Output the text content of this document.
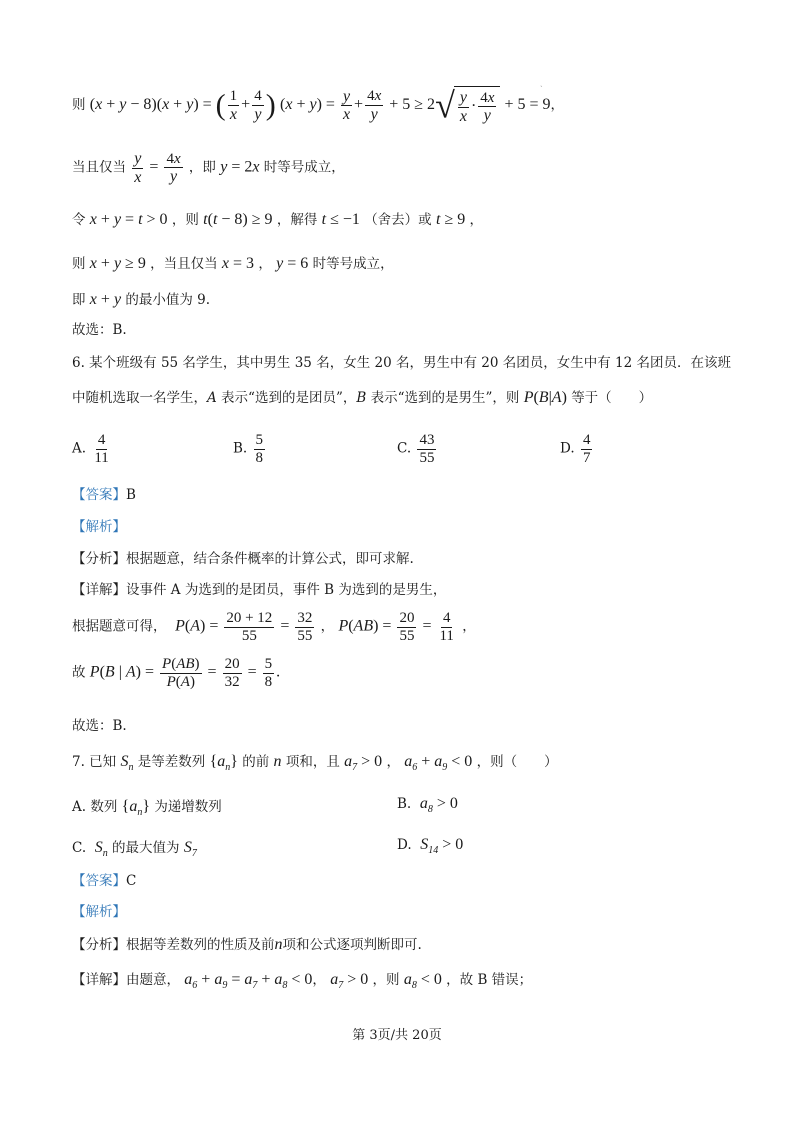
ˏ
则 (x + y − 8)(x + y) = ( $\frac{1}{x} + \frac{4}{y}$ ) $(x + y) = \frac{y}{x} + \frac{4x}{y} + 5 \ge 2√ \frac{y}{x} \cdot \frac{4x}{y} + 5 = 9$，
当且仅当 $\frac{y}{x} = \frac{4x}{y}$ ，即 y = 2x 时等号成立，
令 x + y = t > 0 ，则 t(t − 8) ≥ 9 ，解得 t ≤ −1 （舍去）或 t ≥ 9 ，
则 x + y ≥ 9 ，当且仅当 x = 3 ， y = 6 时等号成立，
即 x + y 的最小值为 9.
故选：B.
6. 某个班级有 55 名学生，其中男生 35 名，女生 20 名，男生中有 20 名团员，女生中有 12 名团员．在该班
中随机选取一名学生，A 表示“选到的是团员”，B 表示“选到的是男生”，则 P(B|A) 等于（　　）
A. $\frac{4}{11}$	B. $\frac{5}{8}$	C. $\frac{43}{55}$	D. $\frac{4}{7}$
【答案】B
【解析】
【分析】根据题意，结合条件概率的计算公式，即可求解.
【详解】设事件 A 为选到的是团员，事件 B 为选到的是男生，
根据题意可得， $P(A) = \frac{20 + 12}{55} = \frac{32}{55}$ ， $P(AB) = \frac{20}{55} = \frac{4}{11}$ ，
故 P(B | $A) = \frac{P(AB)}{P(A)} = \frac{20}{32} = \frac{5}{8}$ .
故选：B.
7. 已知 $S_n$ 是等差数列 $\{a_n\}$ 的前 n 项和，且 $a_7 > 0$ ， $a_6 + a_9 < 0$ ，则（　　）
A. 数列 $\{a_n\}$ 为递增数列	B. $a_8 > 0$
C. $S_n$ 的最大值为 $S_7$
D. $S_{14} > 0$
【答案】C
【解析】
【分析】根据等差数列的性质及前n项和公式逐项判断即可.
【详解】由题意， $a_6 + a_9 = a_7 + a_8 < 0$， $a_7 > 0$ ，则 $a_8 < 0$ ，故 B 错误；
第 3页/共 20页
